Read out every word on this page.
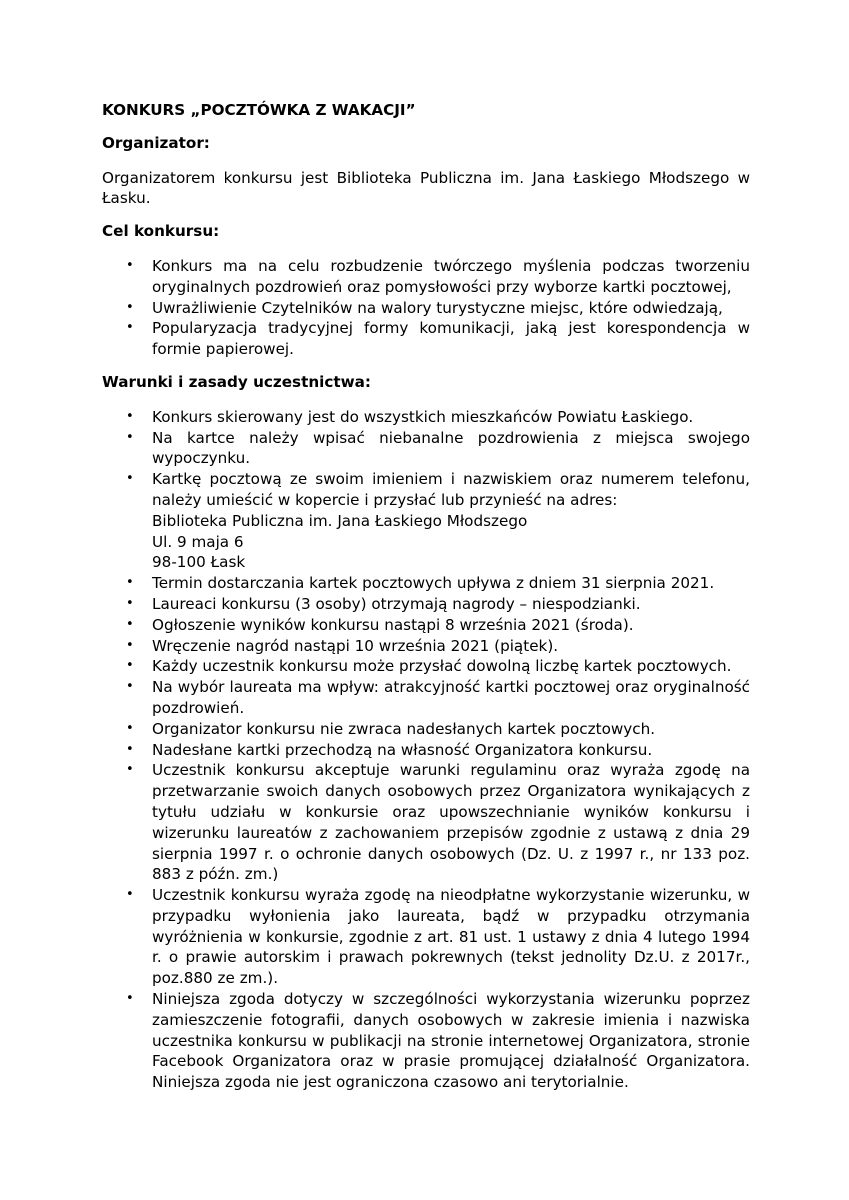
KONKURS „POCZTÓWKA Z WAKACJI”
Organizator:

Organizatorem konkursu jest Biblioteka Publiczna im. Jana Łaskiego Młodszego w Łasku.

Cel konkursu:
• Konkurs ma na celu rozbudzenie twórczego myślenia podczas tworzeniu oryginalnych pozdrowień oraz pomysłowości przy wyborze kartki pocztowej,
• Uwrażliwienie Czytelników na walory turystyczne miejsc, które odwiedzają,
• Popularyzacja tradycyjnej formy komunikacji, jaką jest korespondencja w formie papierowej.
Warunki i zasady uczestnictwa:
• Konkurs skierowany jest do wszystkich mieszkańców Powiatu Łaskiego.
• Na kartce należy wpisać niebanalne pozdrowienia z miejsca swojego wypoczynku.
• Kartkę pocztową ze swoim imieniem i nazwiskiem oraz numerem telefonu, należy umieścić w kopercie i przysłać lub przynieść na adres:
Biblioteka Publiczna im. Jana Łaskiego Młodszego
Ul. 9 maja 6
98-100 Łask
• Termin dostarczania kartek pocztowych upływa z dniem 31 sierpnia 2021.
• Laureaci konkursu (3 osoby) otrzymają nagrody – niespodzianki.
• Ogłoszenie wyników konkursu nastąpi 8 września 2021 (środa).
• Wręczenie nagród nastąpi 10 września 2021 (piątek).
• Każdy uczestnik konkursu może przysłać dowolną liczbę kartek pocztowych.
• Na wybór laureata ma wpływ: atrakcyjność kartki pocztowej oraz oryginalność pozdrowień.
• Organizator konkursu nie zwraca nadesłanych kartek pocztowych.
• Nadesłane kartki przechodzą na własność Organizatora konkursu.
• Uczestnik konkursu akceptuje warunki regulaminu oraz wyraża zgodę na przetwarzanie swoich danych osobowych przez Organizatora wynikających z tytułu udziału w konkursie oraz upowszechnianie wyników konkursu i wizerunku laureatów z zachowaniem przepisów zgodnie z ustawą z dnia 29 sierpnia 1997 r. o ochronie danych osobowych (Dz. U. z 1997 r., nr 133 poz. 883 z późn. zm.)
• Uczestnik konkursu wyraża zgodę na nieodpłatne wykorzystanie wizerunku, w przypadku wyłonienia jako laureata, bądź w przypadku otrzymania wyróżnienia w konkursie, zgodnie z art. 81 ust. 1 ustawy z dnia 4 lutego 1994 r. o prawie autorskim i prawach pokrewnych (tekst jednolity Dz.U. z 2017r., poz.880 ze zm.).
• Niniejsza zgoda dotyczy w szczególności wykorzystania wizerunku poprzez zamieszczenie fotografii, danych osobowych w zakresie imienia i nazwiska uczestnika konkursu w publikacji na stronie internetowej Organizatora, stronie Facebook Organizatora oraz w prasie promującej działalność Organizatora. Niniejsza zgoda nie jest ograniczona czasowo ani terytorialnie.
